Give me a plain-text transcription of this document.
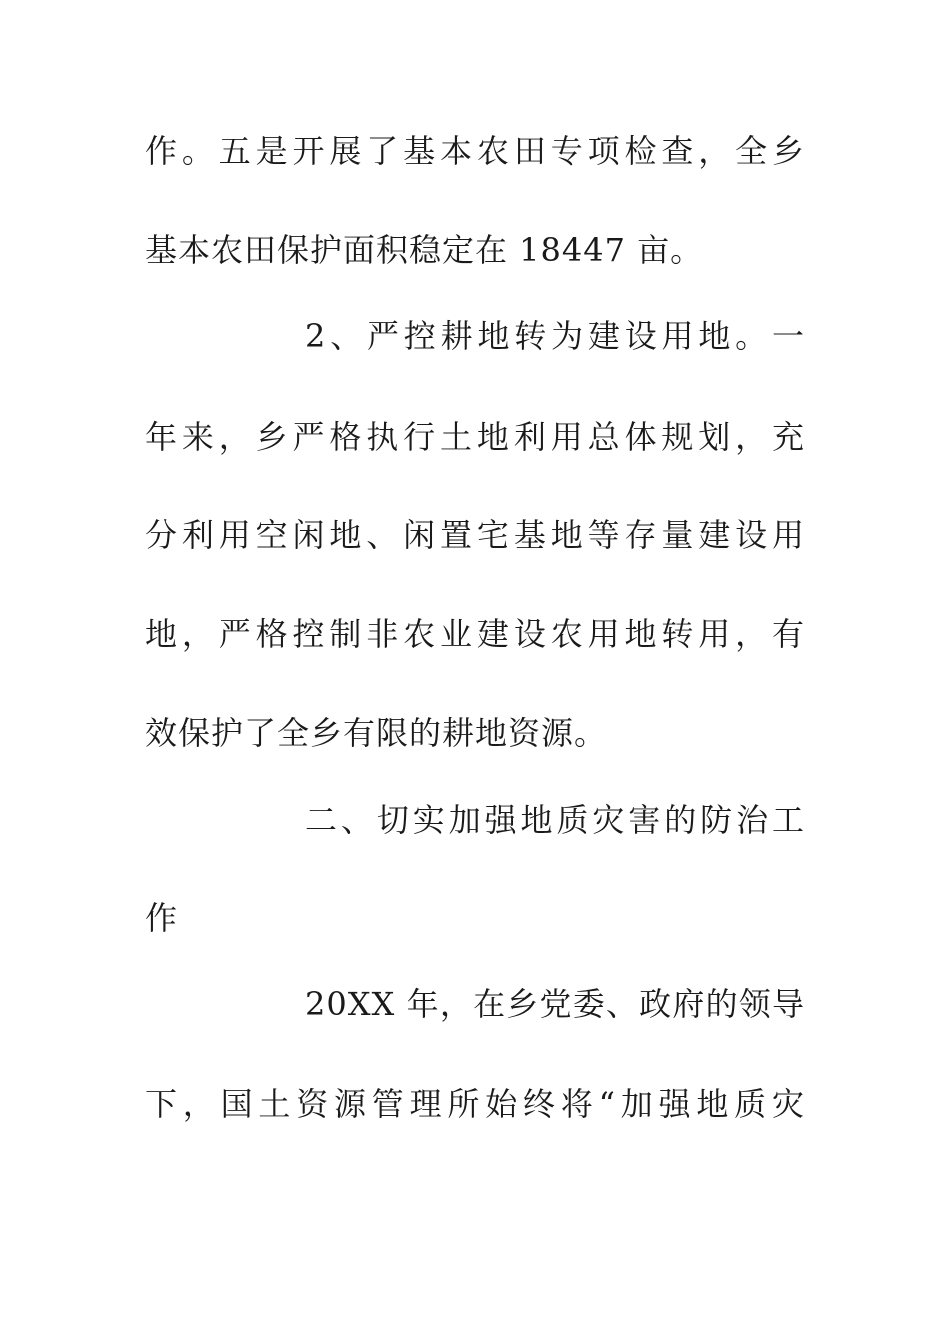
作。五是开展了基本农田专项检查，全乡
基本农田保护面积稳定在 18447 亩。
2、严控耕地转为建设用地。一
年来，乡严格执行土地利用总体规划，充
分利用空闲地、闲置宅基地等存量建设用
地，严格控制非农业建设农用地转用，有
效保护了全乡有限的耕地资源。
二、切实加强地质灾害的防治工
作
20XX 年，在乡党委、政府的领导
下，国土资源管理所始终将“加强地质灾
